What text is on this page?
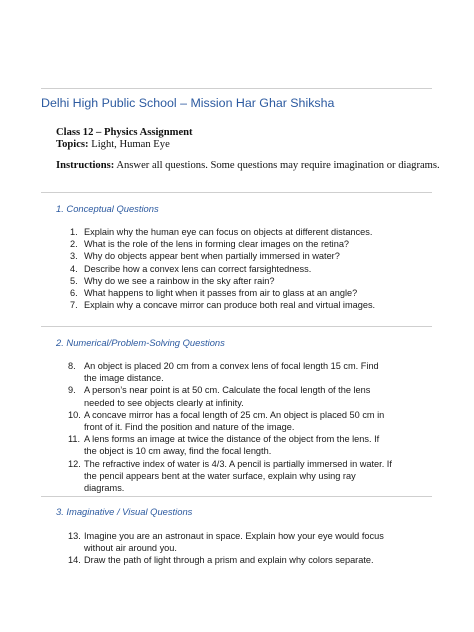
Delhi High Public School – Mission Har Ghar Shiksha
Class 12 – Physics Assignment
Topics: Light, Human Eye
Instructions: Answer all questions. Some questions may require imagination or diagrams.
1. Conceptual Questions
1. Explain why the human eye can focus on objects at different distances.
2. What is the role of the lens in forming clear images on the retina?
3. Why do objects appear bent when partially immersed in water?
4. Describe how a convex lens can correct farsightedness.
5. Why do we see a rainbow in the sky after rain?
6. What happens to light when it passes from air to glass at an angle?
7. Explain why a concave mirror can produce both real and virtual images.
2. Numerical/Problem-Solving Questions
8. An object is placed 20 cm from a convex lens of focal length 15 cm. Find the image distance.
9. A person’s near point is at 50 cm. Calculate the focal length of the lens needed to see objects clearly at infinity.
10. A concave mirror has a focal length of 25 cm. An object is placed 50 cm in front of it. Find the position and nature of the image.
11. A lens forms an image at twice the distance of the object from the lens. If the object is 10 cm away, find the focal length.
12. The refractive index of water is 4/3. A pencil is partially immersed in water. If the pencil appears bent at the water surface, explain why using ray diagrams.
3. Imaginative / Visual Questions
13. Imagine you are an astronaut in space. Explain how your eye would focus without air around you.
14. Draw the path of light through a prism and explain why colors separate.
